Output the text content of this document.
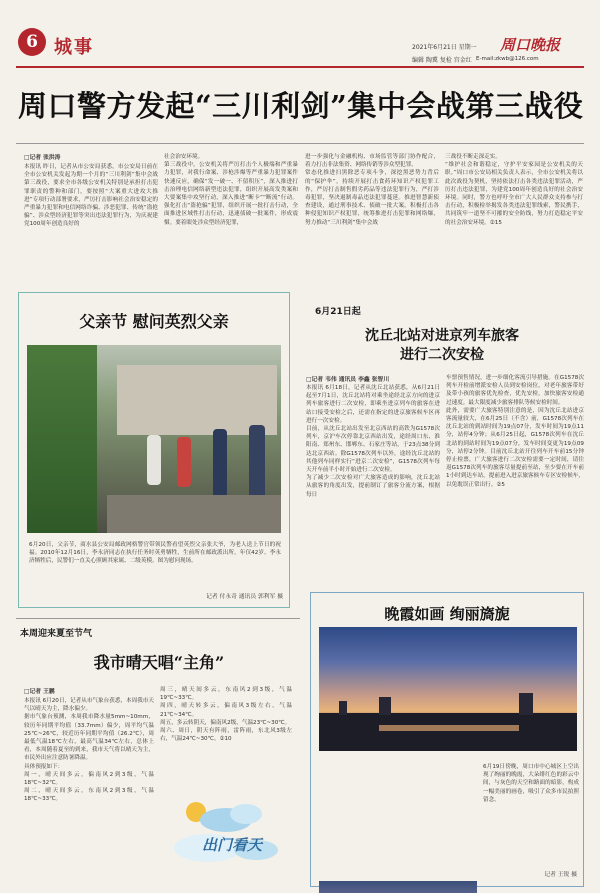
6 城事	2021年6月21日 星期一
编辑 陶冀 复检 宫金红
周口晚报
E-mail:zkwb@126.com
周口警方发起“三川利剑”集中会战第三战役
□记者 张洪涛
本报讯 昨日，记者从市公安局获悉，市公安局日前在全市公安机关发起为期一个月的“三川利剑”集中会战第三战役，要求全市各级公安机关特别是承担打击犯罪职责的警种和部门，要按照“大案重大进攻大推进”专项行动部署要求，严厉打击影响社会治安稳定的严重暴力犯罪和电信网络诈骗、涉恶犯罪、传统“盗抢骗”、涉众型经济犯罪等突出违法犯罪行为，为庆祝建党100周年创造良好的
社会治安环境。
第三战役中，公安机关将严厉打击个人极端和严重暴力犯罪，对我行命案、涉枪涉爆等严重暴力犯罪案件快速反应，确保“发一破一、不留积压”，深入推进打击治理电信网络新型违法犯罪，组织开展高发类案和大要案集中攻坚行动，深入推进“断卡”“断流”行动。强化打击“盗抢骗”犯罪，组织开展一批打击行动，全面推进区域性打击行动，迅速侦破一批案件，形成震慑。要着眼处涉众型经济犯罪，
进一步强化与金融机构、市场监管等部门协作配合，着力打击非法集资、网络传销等涉众型犯罪。
常态化推进扫黑除恶专项斗争，深挖黑恶势力背后的“保护伞”，持续开展打击食药环知识产权犯罪工作，严厉打击制售假劣药品等违法犯罪行为，严打涉毒犯罪，坚决遏制毒品违法犯罪蔓延。推进智慧新侦查建设，通过刑事技术、侦破一批大案。积极打击各种侵犯知识产权犯罪，统筹推进打击犯罪和网络爆，努力推动“三川利剑”集中会战
三战役不断走深走实。
“维护社会和谐稳定，守护平安家园是公安机关的天职。”周口市公安局相关负责人表示，全市公安机关将以此次战役为契机，坚持依法打击各类违法犯罪活动，严厉打击违法犯罪，为建党100周年创造良好的社会治安环境。同时，警方也呼吁全市广大人民群众支持参与打击行动，积极检举揭发各类违法犯罪线索，警民携手，共同筑牢一道坚不可摧的安全防线，努力打造稳定平安的社会治安环境。②15
父亲节 慰问英烈父亲
6月20日，父亲节，商水县公安局邮政网格警官带领民警看望英烈父亲张大爷，为老人送上节日的祝福。2010年12月16日，李永济同志在执行任务时英勇牺牲，生前所在邮政派出所，年仅42岁。李永济牺牲后，民警们一直关心照顾其家属、二级英模。图为慰问现场。
记者 付永奇 通讯员 郭利军 摄
6月21日起
沈丘北站对进京列车旅客
进行二次安检
□记者 韦伟 通讯员 李鑫 张智川
本报讯 6月18日，记者从沈丘北站获悉，从6月21日起至7月1日，沈丘北站将对乘坐途经北京方向的进京列车旅客进行二次安检，即乘坐进京列车的旅客在进站口接受安检之后，还需在指定的进京旅客候车区再进行一次安检。
目前，从沈丘北站出发至北京西站的高铁为G1578次列车，京沪车次停靠北京西站出发，途经周口东、淮阳南、郑州东、邯郸东、石家庄等站，于23点38分到达北京西站。除G1578次列车以外，途经沈丘北站的其他列车同样实行“进京二次安检”，G1578次列车每天开车前半小时开始进行二次安检。
为了减少二次安检对广大旅客造成的影响，沈丘北站从旅客的角度出发，提前制订了旅客分流方案，根据每日
车票预售情况，进一步细化客流引导措施。在G1578次列车开检前增派安检人员到安检岗位，对老年旅客带好及带小孩的旅客优先检查，优先安检，加快旅客安检通过速度。最大限度减少旅客排队等候安检时间。
此外，需要广大旅客特别注意的是，因为沈丘北站进京客流量较大，在6月25日（不含）前，G1578次列车在沈丘北站的到站时间为19点07分，发车时间为19点11分，站停4分钟；从6月25日起，G1578次列车在沈丘北站的到站时间为19点07分，发车时间变更为19点09分，站停2分钟。目前沈丘北站开往列车开车前15分钟停止检票，广大旅客进行二次安检需要一定时间，请往返G1578次列车的旅客尽量提前至站，至少要在开车前1小时到达车站，提前进入进京旅客候车专区安检候车，以免耽误正常出行。②5
本周迎来夏至节气
我市晴天唱“主角”
□记者 王鹏
本报讯 6月20日，记者从市气象台获悉，本周我市天气以晴天为主，降水偏少。
据市气象台预测，本周我市降水量5mm~10mm，较历年同期平均值（33.7mm）偏少，周平均气温25℃~26℃，较近历年同期平均值（26.2℃），周最低气温18℃左右，最高气温34℃左右，总体上看，本周随着夏至的到来，我市天气将以晴天为主，市民外出应注意防暑降温。
具体预报如下：
周一，晴天间多云，偏南风2到3级，气温18℃~32℃。
周二，晴天间多云，东南风2到3级，气温18℃~33℃。
周三，晴天间多云，东南风2到3级，气温19℃~33℃。
周四，晴天转多云，偏南风3级左右，气温21℃~34℃。
周五，多云转阴天，偏南风2级，气温23℃~30℃。
周六、周日，阴天有阵雨，雷阵雨，东北风3级左右，气温24℃~30℃。②10
出门看天
晚霞如画 绚丽旖旎
6月19日傍晚，周口市中心城区上空出现了绚丽的晚霞，大朵绯红色的彩云中间，与灰色的天空和路面的暗影，构成一幅美丽的画卷，吸引了众多市民拍照留念。
记者 王锐 摄
